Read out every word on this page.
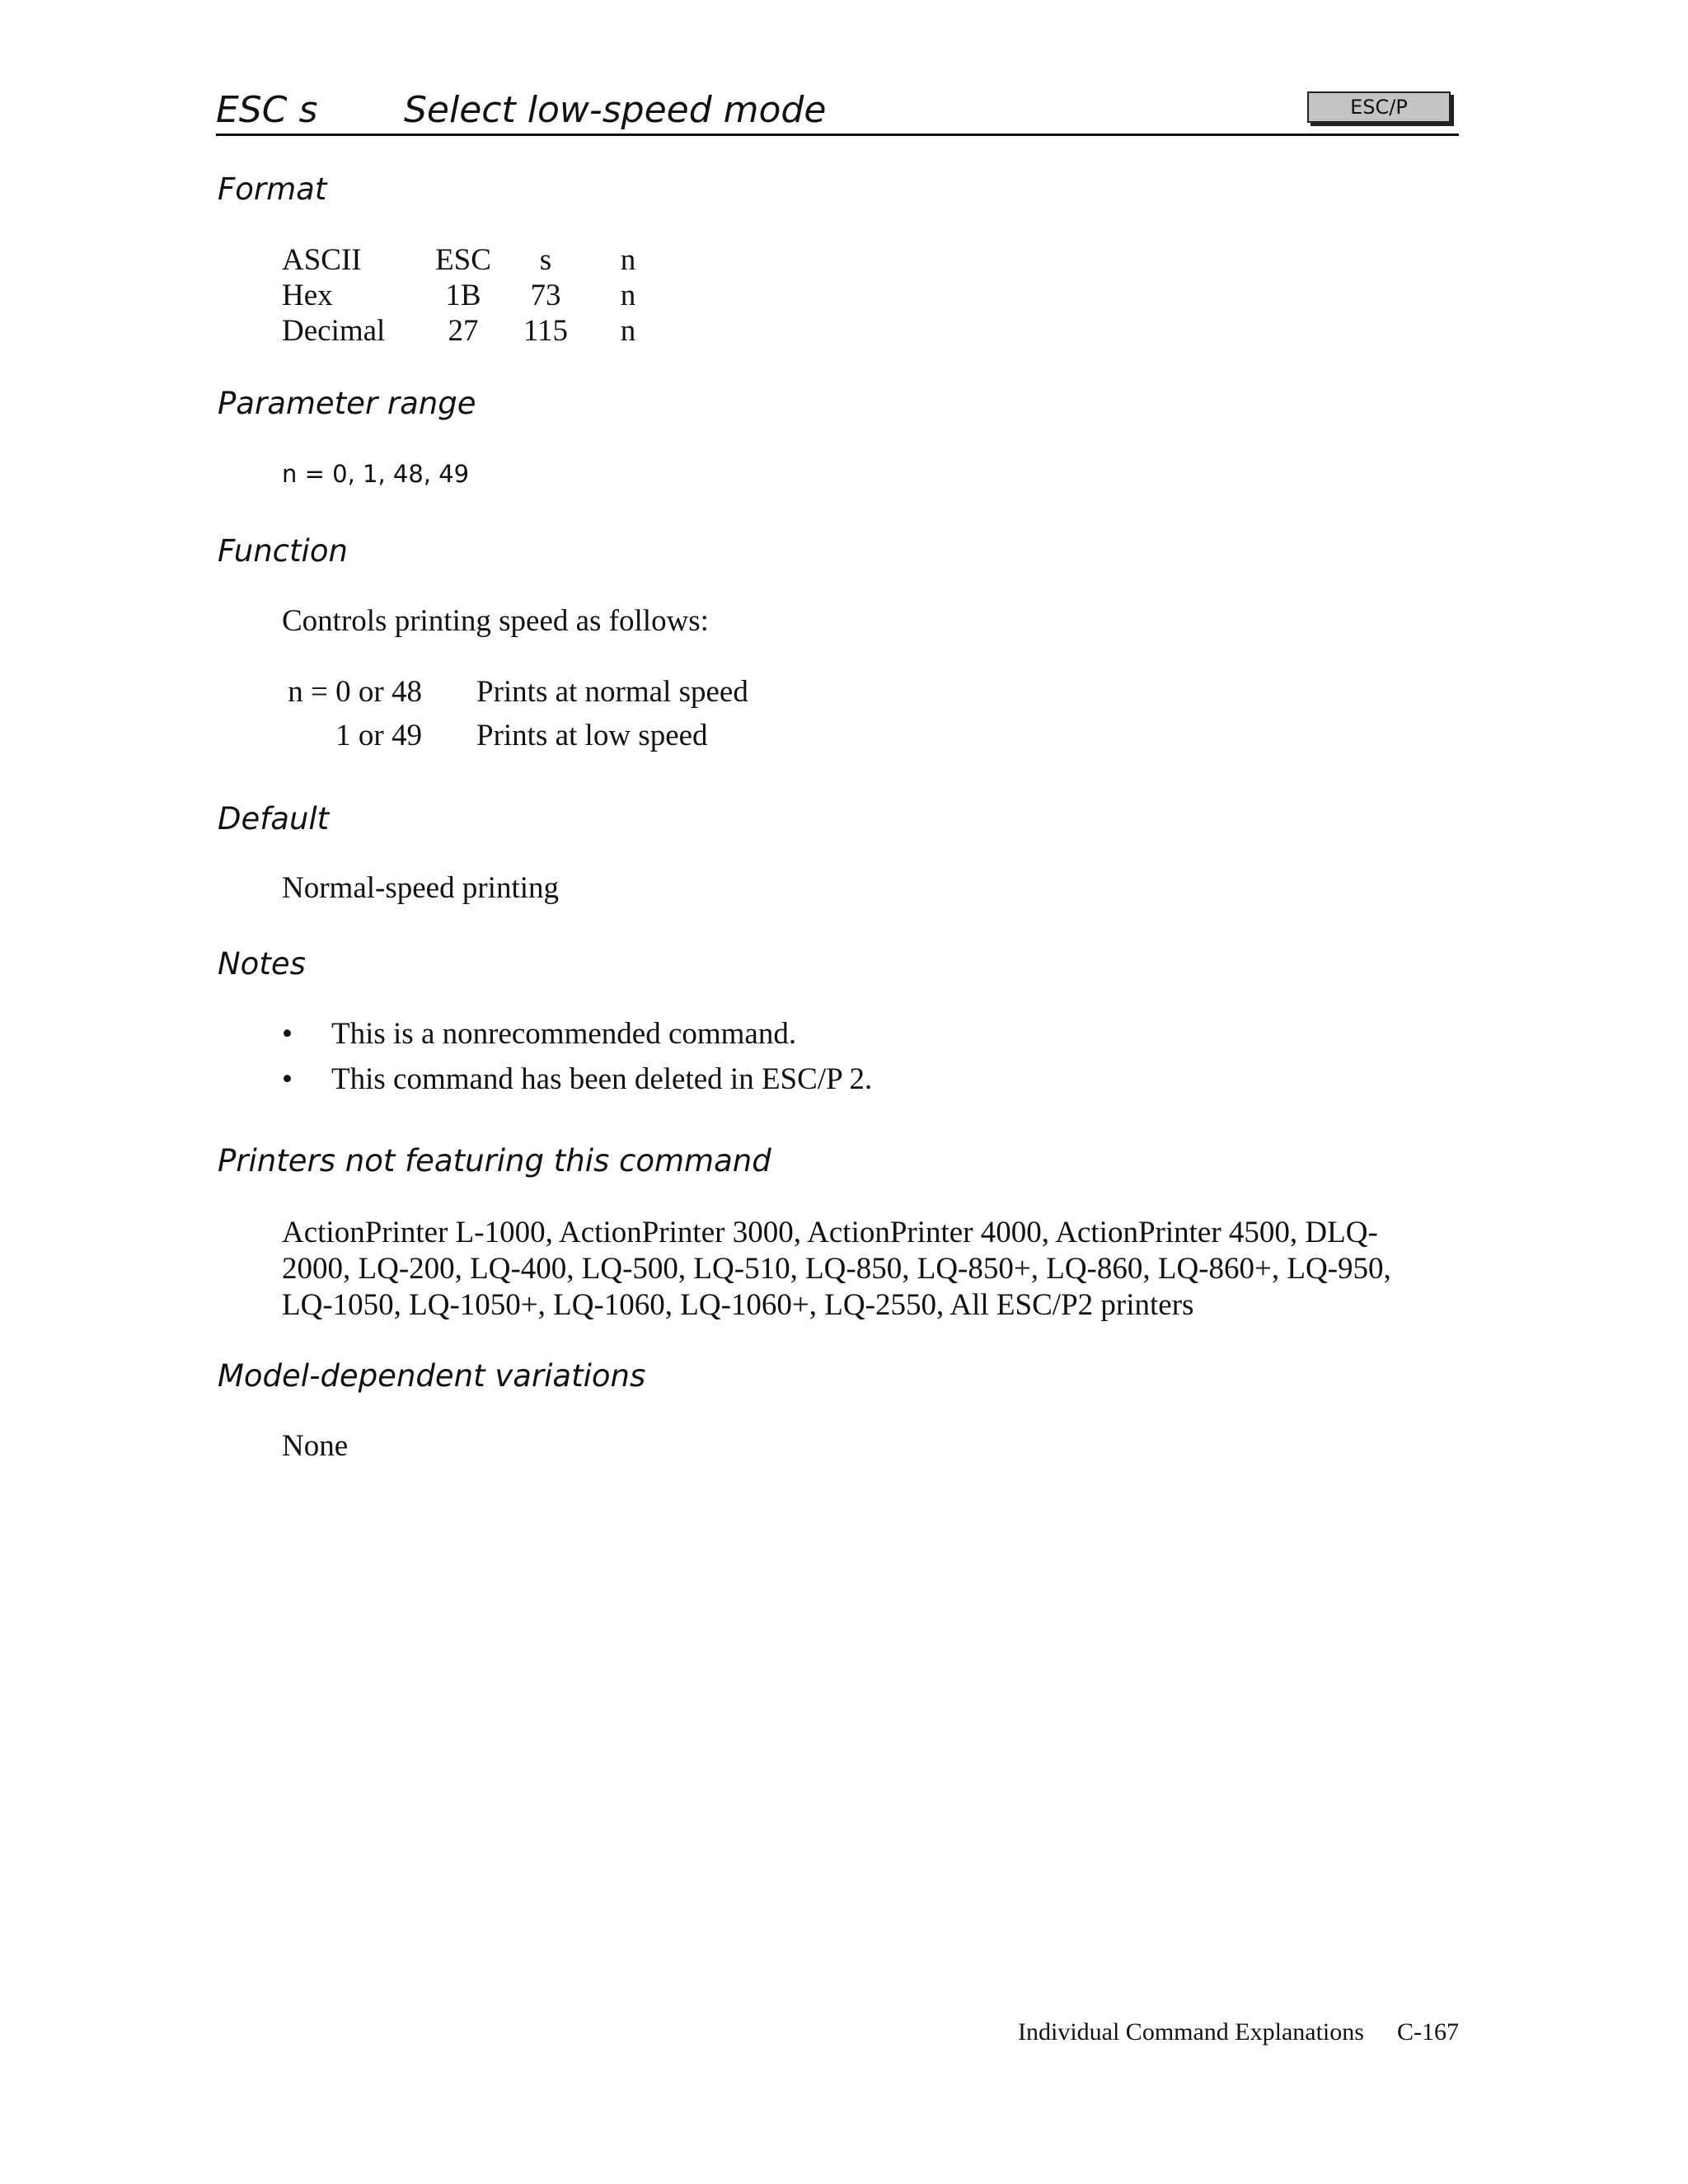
ESC s Select low-speed mode	ESC/P
Format
ASCII	ESC	s	n
Hex	1B	73	n
Decimal	27	115	n
Parameter range
n = 0, 1, 48, 49
Function
Controls printing speed as follows:
n = 0 or 48 Prints at normal speed
1 or 49 Prints at low speed
Default
Normal-speed printing
Notes
• This is a nonrecommended command.
• This command has been deleted in ESC/P 2.
Printers not featuring this command
ActionPrinter L-1000, ActionPrinter 3000, ActionPrinter 4000, ActionPrinter 4500, DLQ-2000, LQ-200, LQ-400, LQ-500, LQ-510, LQ-850, LQ-850+, LQ-860, LQ-860+, LQ-950, LQ-1050, LQ-1050+, LQ-1060, LQ-1060+, LQ-2550, All ESC/P2 printers
Model-dependent variations
None
Individual Command Explanations C-167
